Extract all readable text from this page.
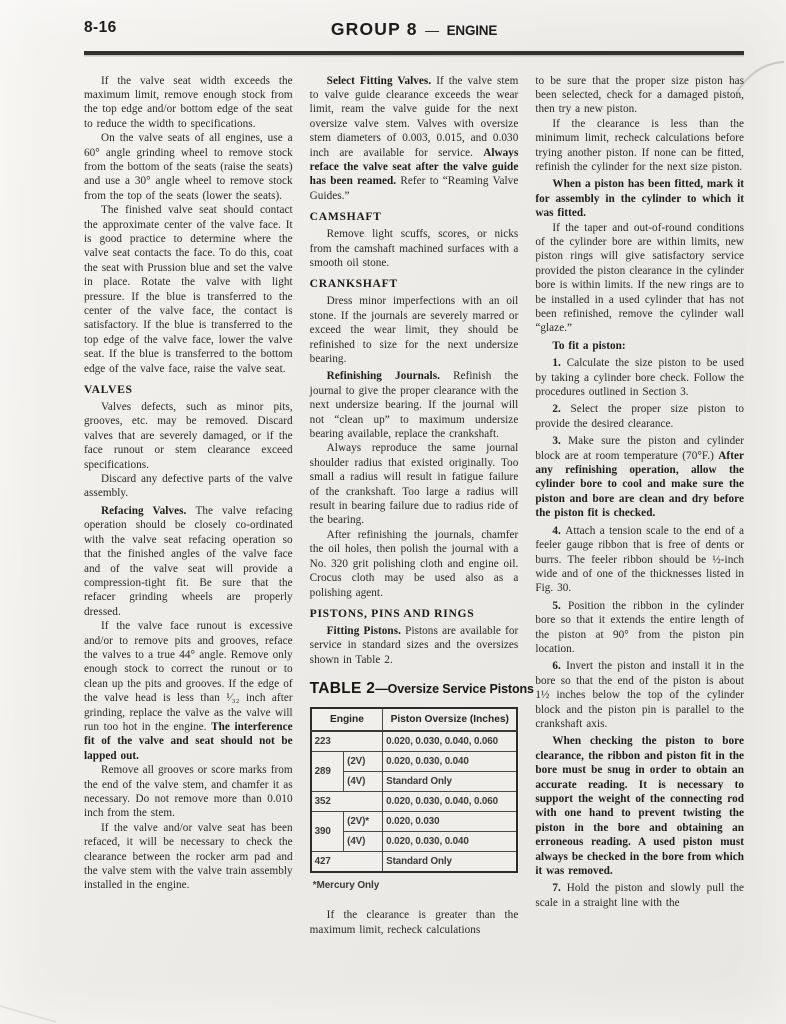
8-16	GROUP 8 — ENGINE

If the valve seat width exceeds the maximum limit, remove enough stock from the top edge and/or bottom edge of the seat to reduce the width to specifications.

On the valve seats of all engines, use a 60° angle grinding wheel to remove stock from the bottom of the seats (raise the seats) and use a 30° angle wheel to remove stock from the top of the seats (lower the seats).

The finished valve seat should contact the approximate center of the valve face. It is good practice to determine where the valve seat contacts the face. To do this, coat the seat with Prussion blue and set the valve in place. Rotate the valve with light pressure. If the blue is transferred to the center of the valve face, the contact is satisfactory. If the blue is transferred to the top edge of the valve face, lower the valve seat. If the blue is transferred to the bottom edge of the valve face, raise the valve seat.

VALVES

Valves defects, such as minor pits, grooves, etc. may be removed. Discard valves that are severely damaged, or if the face runout or stem clearance exceed specifications.

Discard any defective parts of the valve assembly.

Refacing Valves. The valve refacing operation should be closely co-ordinated with the valve seat refacing operation so that the finished angles of the valve face and of the valve seat will provide a compression-tight fit. Be sure that the refacer grinding wheels are properly dressed.

If the valve face runout is excessive and/or to remove pits and grooves, reface the valves to a true 44° angle. Remove only enough stock to correct the runout or to clean up the pits and grooves. If the edge of the valve head is less than ¹⁄₃₂ inch after grinding, replace the valve as the valve will run too hot in the engine. The interference fit of the valve and seat should not be lapped out.

Remove all grooves or score marks from the end of the valve stem, and chamfer it as necessary. Do not remove more than 0.010 inch from the stem.

If the valve and/or valve seat has been refaced, it will be necessary to check the clearance between the rocker arm pad and the valve stem with the valve train assembly installed in the engine.

Select Fitting Valves. If the valve stem to valve guide clearance exceeds the wear limit, ream the valve guide for the next oversize valve stem. Valves with oversize stem diameters of 0.003, 0.015, and 0.030 inch are available for service. Always reface the valve seat after the valve guide has been reamed. Refer to “Reaming Valve Guides.”

CAMSHAFT

Remove light scuffs, scores, or nicks from the camshaft machined surfaces with a smooth oil stone.

CRANKSHAFT

Dress minor imperfections with an oil stone. If the journals are severely marred or exceed the wear limit, they should be refinished to size for the next undersize bearing.

Refinishing Journals. Refinish the journal to give the proper clearance with the next undersize bearing. If the journal will not “clean up” to maximum undersize bearing available, replace the crankshaft.

Always reproduce the same journal shoulder radius that existed originally. Too small a radius will result in fatigue failure of the crankshaft. Too large a radius will result in bearing failure due to radius ride of the bearing.

After refinishing the journals, chamfer the oil holes, then polish the journal with a No. 320 grit polishing cloth and engine oil. Crocus cloth may be used also as a polishing agent.

PISTONS, PINS AND RINGS

Fitting Pistons. Pistons are available for service in standard sizes and the oversizes shown in Table 2.

TABLE 2—Oversize Service Pistons
Engine		Piston Oversize (Inches)
223		0.020, 0.030, 0.040, 0.060
289	(2V)	0.020, 0.030, 0.040
	(4V)	Standard Only
352		0.020, 0.030, 0.040, 0.060
390	(2V)*	0.020, 0.030
	(4V)	0.020, 0.030, 0.040
427		Standard Only
*Mercury Only

If the clearance is greater than the maximum limit, recheck calculations

to be sure that the proper size piston has been selected, check for a damaged piston, then try a new piston.

If the clearance is less than the minimum limit, recheck calculations before trying another piston. If none can be fitted, refinish the cylinder for the next size piston.

When a piston has been fitted, mark it for assembly in the cylinder to which it was fitted.

If the taper and out-of-round conditions of the cylinder bore are within limits, new piston rings will give satisfactory service provided the piston clearance in the cylinder bore is within limits. If the new rings are to be installed in a used cylinder that has not been refinished, remove the cylinder wall “glaze.”

To fit a piston:

1. Calculate the size piston to be used by taking a cylinder bore check. Follow the procedures outlined in Section 3.

2. Select the proper size piston to provide the desired clearance.

3. Make sure the piston and cylinder block are at room temperature (70°F.) After any refinishing operation, allow the cylinder bore to cool and make sure the piston and bore are clean and dry before the piston fit is checked.

4. Attach a tension scale to the end of a feeler gauge ribbon that is free of dents or burrs. The feeler ribbon should be ½-inch wide and of one of the thicknesses listed in Fig. 30.

5. Position the ribbon in the cylinder bore so that it extends the entire length of the piston at 90° from the piston pin location.

6. Invert the piston and install it in the bore so that the end of the piston is about 1½ inches below the top of the cylinder block and the piston pin is parallel to the crankshaft axis.

When checking the piston to bore clearance, the ribbon and piston fit in the bore must be snug in order to obtain an accurate reading. It is necessary to support the weight of the connecting rod with one hand to prevent twisting the piston in the bore and obtaining an erroneous reading. A used piston must always be checked in the bore from which it was removed.

7. Hold the piston and slowly pull the scale in a straight line with the
